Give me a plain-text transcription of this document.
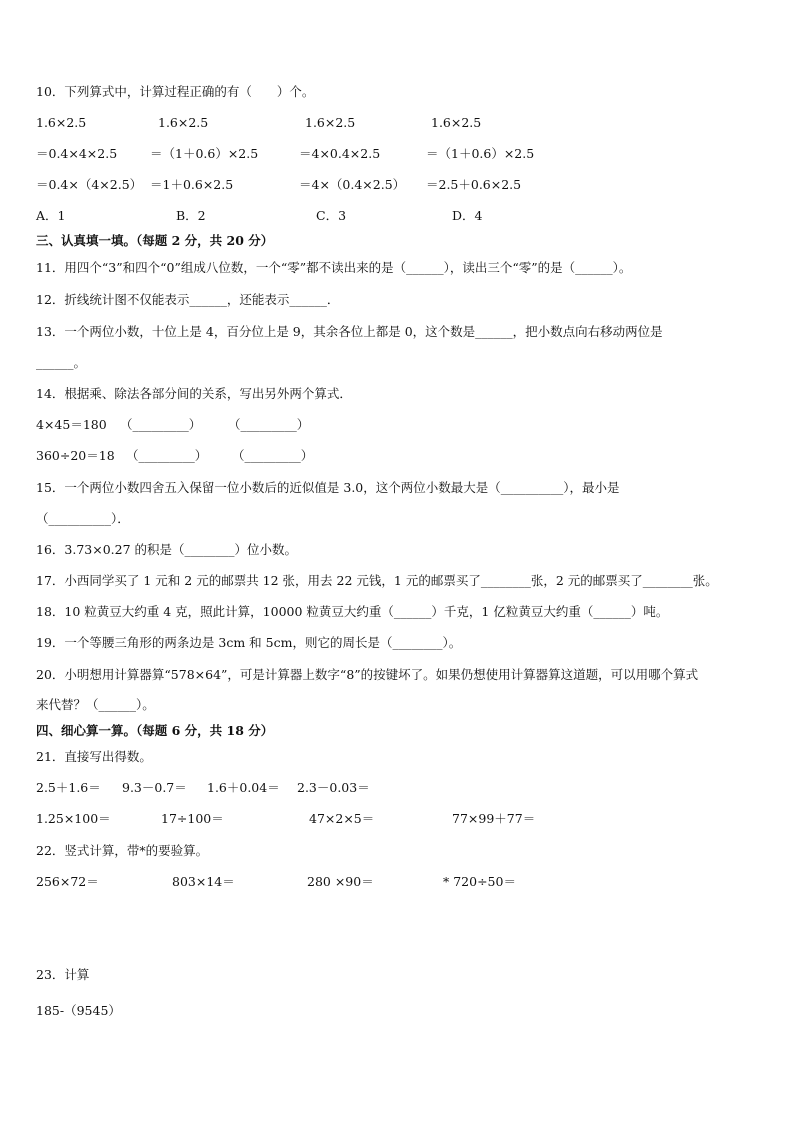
10．下列算式中，计算过程正确的有（　　）个。
1.6×2.5	1.6×2.5	1.6×2.5	1.6×2.5
＝0.4×4×2.5	＝（1＋0.6）×2.5	＝4×0.4×2.5	＝（1＋0.6）×2.5
＝0.4×（4×2.5） ＝1＋0.6×2.5	＝4×（0.4×2.5） ＝2.5＋0.6×2.5
A．1	B．2	C．3	D．4
三、认真填一填。（每题 2 分，共 20 分）
11．用四个“3”和四个“0”组成八位数，一个“零”都不读出来的是（______），读出三个“零”的是（______）。
12．折线统计图不仅能表示______，还能表示______．
13．一个两位小数，十位上是 4，百分位上是 9，其余各位上都是 0，这个数是______，把小数点向右移动两位是
______。
14．根据乘、除法各部分间的关系，写出另外两个算式．
4×45＝180 （_________） （_________）
360÷20＝18 （_________） （_________）
15．一个两位小数四舍五入保留一位小数后的近似值是 3.0，这个两位小数最大是（__________），最小是
（__________）．
16．3.73×0.27 的积是（________）位小数。
17．小西同学买了 1 元和 2 元的邮票共 12 张，用去 22 元钱，1 元的邮票买了________张，2 元的邮票买了________张。
18．10 粒黄豆大约重 4 克，照此计算，10000 粒黄豆大约重（______）千克，1 亿粒黄豆大约重（______）吨。
19．一个等腰三角形的两条边是 3cm 和 5cm，则它的周长是（________）。
20．小明想用计算器算“578×64”，可是计算器上数字“8”的按键坏了。如果仍想使用计算器算这道题，可以用哪个算式
来代替？（______）。
四、细心算一算。（每题 6 分，共 18 分）
21．直接写出得数。
2.5＋1.6＝ 9.3－0.7＝ 1.6＋0.04＝ 2.3－0.03＝
1.25×100＝	17÷100＝	47×2×5＝	77×99＋77＝
22．竖式计算，带*的要验算。
256×72＝	803×14＝	280 ×90＝	* 720÷50＝
23．计算
185-（9545）
